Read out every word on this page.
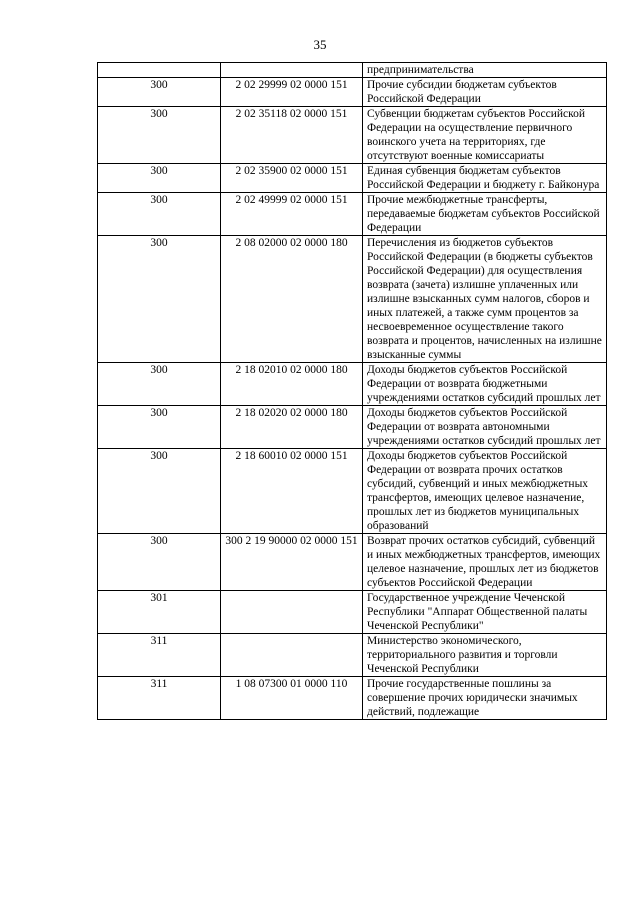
35
		предпринимательства
300	2 02 29999 02 0000 151	Прочие субсидии бюджетам субъектов Российской Федерации
300	2 02 35118 02 0000 151	Субвенции бюджетам субъектов Российской Федерации на осуществление первичного воинского учета на территориях, где отсутствуют военные комиссариаты
300	2 02 35900 02 0000 151	Единая субвенция бюджетам субъектов Российской Федерации и бюджету г. Байконура
300	2 02 49999 02 0000 151	Прочие межбюджетные трансферты, передаваемые бюджетам субъектов Российской Федерации
300	2 08 02000 02 0000 180	Перечисления из бюджетов субъектов Российской Федерации (в бюджеты субъектов Российской Федерации) для осуществления возврата (зачета) излишне уплаченных или излишне взысканных сумм налогов, сборов и иных платежей, а также сумм процентов за несвоевременное осуществление такого возврата и процентов, начисленных на излишне взысканные суммы
300	2 18 02010 02 0000 180	Доходы бюджетов субъектов Российской Федерации от возврата бюджетными учреждениями остатков субсидий прошлых лет
300	2 18 02020 02 0000 180	Доходы бюджетов субъектов Российской Федерации от возврата автономными учреждениями остатков субсидий прошлых лет
300	2 18 60010 02 0000 151	Доходы бюджетов субъектов Российской Федерации от возврата прочих остатков субсидий, субвенций и иных межбюджетных трансфертов, имеющих целевое назначение, прошлых лет из бюджетов муниципальных образований
300	300 2 19 90000 02 0000 151	Возврат прочих остатков субсидий, субвенций и иных межбюджетных трансфертов, имеющих целевое назначение, прошлых лет из бюджетов субъектов Российской Федерации
301		Государственное учреждение Чеченской Республики "Аппарат Общественной палаты Чеченской Республики"
311		Министерство экономического, территориального развития и торговли Чеченской Республики
311	1 08 07300 01 0000 110	Прочие государственные пошлины за совершение прочих юридически значимых действий, подлежащие
